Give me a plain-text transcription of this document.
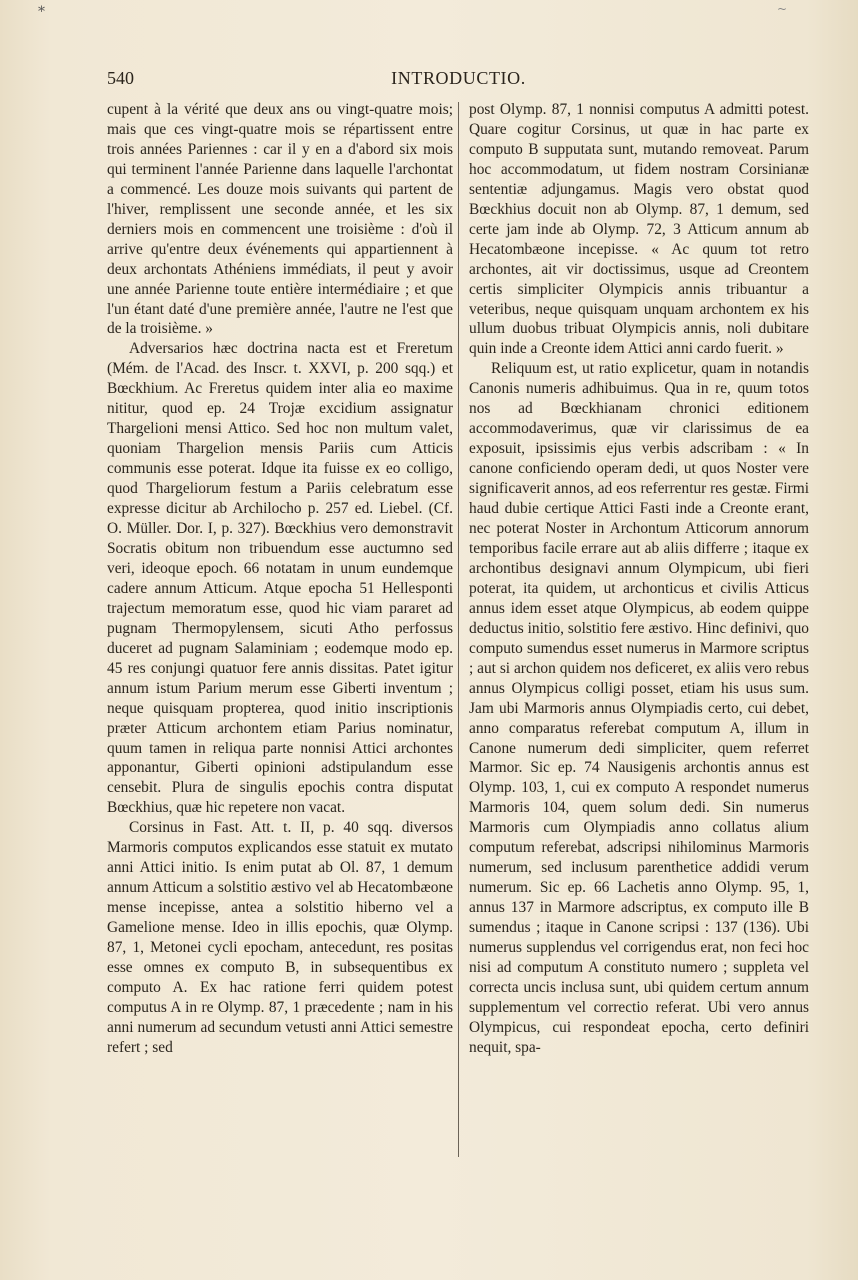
*	~
540	INTRODUCTIO.

cupent à la vérité que deux ans ou vingt-quatre mois; mais que ces vingt-quatre mois se répartissent entre trois années Pariennes : car il y en a d'abord six mois qui terminent l'année Parienne dans laquelle l'archontat a commencé. Les douze mois suivants qui partent de l'hiver, remplissent une seconde année, et les six derniers mois en commencent une troisième : d'où il arrive qu'entre deux événements qui appartiennent à deux archontats Athéniens immédiats, il peut y avoir une année Parienne toute entière intermédiaire ; et que l'un étant daté d'une première année, l'autre ne l'est que de la troisième. »

Adversarios hæc doctrina nacta est et Freretum (Mém. de l'Acad. des Inscr. t. XXVI, p. 200 sqq.) et Bœckhium. Ac Freretus quidem inter alia eo maxime nititur, quod ep. 24 Trojæ excidium assignatur Thargelioni mensi Attico. Sed hoc non multum valet, quoniam Thargelion mensis Pariis cum Atticis communis esse poterat. Idque ita fuisse ex eo colligo, quod Thargeliorum festum a Pariis celebratum esse expresse dicitur ab Archilocho p. 257 ed. Liebel. (Cf. O. Müller. Dor. I, p. 327). Bœckhius vero demonstravit Socratis obitum non tribuendum esse auctumno sed veri, ideoque epoch. 66 notatam in unum eundemque cadere annum Atticum. Atque epocha 51 Hellesponti trajectum memoratum esse, quod hic viam pararet ad pugnam Thermopylensem, sicuti Atho perfossus duceret ad pugnam Salaminiam ; eodemque modo ep. 45 res conjungi quatuor fere annis dissitas. Patet igitur annum istum Parium merum esse Giberti inventum ; neque quisquam propterea, quod initio inscriptionis præter Atticum archontem etiam Parius nominatur, quum tamen in reliqua parte nonnisi Attici archontes apponantur, Giberti opinioni adstipulandum esse censebit. Plura de singulis epochis contra disputat Bœckhius, quæ hic repetere non vacat.

Corsinus in Fast. Att. t. II, p. 40 sqq. diversos Marmoris computos explicandos esse statuit ex mutato anni Attici initio. Is enim putat ab Ol. 87, 1 demum annum Atticum a solstitio æstivo vel ab Hecatombæone mense incepisse, antea a solstitio hiberno vel a Gamelione mense. Ideo in illis epochis, quæ Olymp. 87, 1, Metonei cycli epocham, antecedunt, res positas esse omnes ex computo B, in subsequentibus ex computo A. Ex hac ratione ferri quidem potest computus A in re Olymp. 87, 1 præcedente ; nam in his anni numerum ad secundum vetusti anni Attici semestre refert ; sed

post Olymp. 87, 1 nonnisi computus A admitti potest. Quare cogitur Corsinus, ut quæ in hac parte ex computo B supputata sunt, mutando removeat. Parum hoc accommodatum, ut fidem nostram Corsinianæ sententiæ adjungamus. Magis vero obstat quod Bœckhius docuit non ab Olymp. 87, 1 demum, sed certe jam inde ab Olymp. 72, 3 Atticum annum ab Hecatombæone incepisse. « Ac quum tot retro archontes, ait vir doctissimus, usque ad Creontem certis simpliciter Olympicis annis tribuantur a veteribus, neque quisquam unquam archontem ex his ullum duobus tribuat Olympicis annis, noli dubitare quin inde a Creonte idem Attici anni cardo fuerit. »

Reliquum est, ut ratio explicetur, quam in notandis Canonis numeris adhibuimus. Qua in re, quum totos nos ad Bœckhianam chronici editionem accommodaverimus, quæ vir clarissimus de ea exposuit, ipsissimis ejus verbis adscribam : « In canone conficiendo operam dedi, ut quos Noster vere significaverit annos, ad eos referrentur res gestæ. Firmi haud dubie certique Attici Fasti inde a Creonte erant, nec poterat Noster in Archontum Atticorum annorum temporibus facile errare aut ab aliis differre ; itaque ex archontibus designavi annum Olympicum, ubi fieri poterat, ita quidem, ut archonticus et civilis Atticus annus idem esset atque Olympicus, ab eodem quippe deductus initio, solstitio fere æstivo. Hinc definivi, quo computo sumendus esset numerus in Marmore scriptus ; aut si archon quidem nos deficeret, ex aliis vero rebus annus Olympicus colligi posset, etiam his usus sum. Jam ubi Marmoris annus Olympiadis certo, cui debet, anno comparatus referebat computum A, illum in Canone numerum dedi simpliciter, quem referret Marmor. Sic ep. 74 Nausigenis archontis annus est Olymp. 103, 1, cui ex computo A respondet numerus Marmoris 104, quem solum dedi. Sin numerus Marmoris cum Olympiadis anno collatus alium computum referebat, adscripsi nihilominus Marmoris numerum, sed inclusum parenthetice addidi verum numerum. Sic ep. 66 Lachetis anno Olymp. 95, 1, annus 137 in Marmore adscriptus, ex computo ille B sumendus ; itaque in Canone scripsi : 137 (136). Ubi numerus supplendus vel corrigendus erat, non feci hoc nisi ad computum A constituto numero ; suppleta vel correcta uncis inclusa sunt, ubi quidem certum annum supplementum vel correctio referat. Ubi vero annus Olympicus, cui respondeat epocha, certo definiri nequit, spa-
